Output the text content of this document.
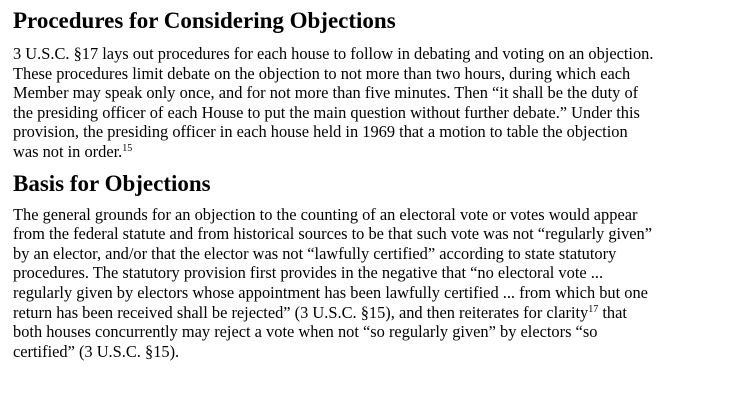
Procedures for Considering Objections

3 U.S.C. §17 lays out procedures for each house to follow in debating and voting on an objection.
These procedures limit debate on the objection to not more than two hours, during which each
Member may speak only once, and for not more than five minutes. Then “it shall be the duty of
the presiding officer of each House to put the main question without further debate.” Under this
provision, the presiding officer in each house held in 1969 that a motion to table the objection
was not in order.$^{15}$

Basis for Objections

The general grounds for an objection to the counting of an electoral vote or votes would appear
from the federal statute and from historical sources to be that such vote was not “regularly given”
by an elector, and/or that the elector was not “lawfully certified” according to state statutory
procedures. The statutory provision first provides in the negative that “no electoral vote ...
regularly given by electors whose appointment has been lawfully certified ... from which but one
return has been received shall be rejected” (3 U.S.C. §15), and then reiterates for clarity$^{17}$ that
both houses concurrently may reject a vote when not “so regularly given” by electors “so
certified” (3 U.S.C. §15).
